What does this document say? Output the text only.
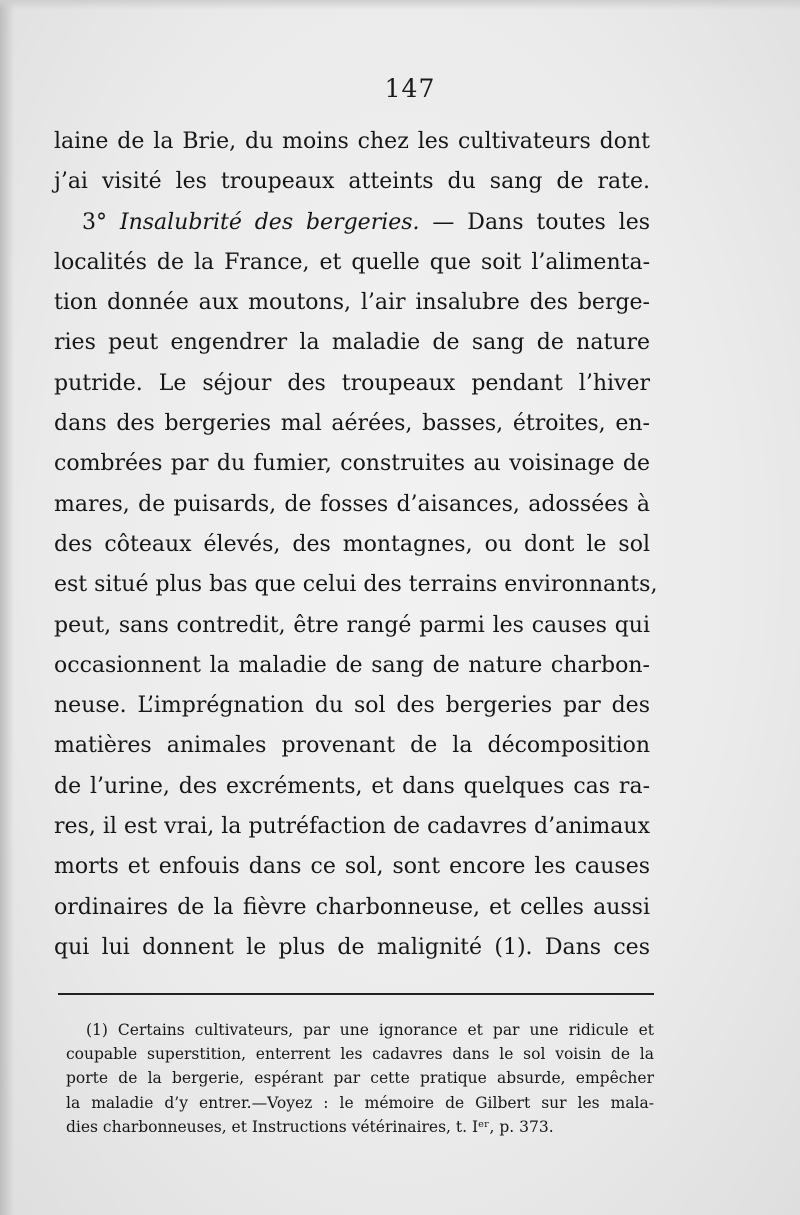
147
laine de la Brie, du moins chez les cultivateurs dont
j’ai visité les troupeaux atteints du sang de rate.
3° Insalubrité des bergeries. — Dans toutes les
localités de la France, et quelle que soit l’alimenta-
tion donnée aux moutons, l’air insalubre des berge-
ries peut engendrer la maladie de sang de nature
putride. Le séjour des troupeaux pendant l’hiver
dans des bergeries mal aérées, basses, étroites, en-
combrées par du fumier, construites au voisinage de
mares, de puisards, de fosses d’aisances, adossées à
des côteaux élevés, des montagnes, ou dont le sol
est situé plus bas que celui des terrains environnants,
peut, sans contredit, être rangé parmi les causes qui
occasionnent la maladie de sang de nature charbon-
neuse. L’imprégnation du sol des bergeries par des
matières animales provenant de la décomposition
de l’urine, des excréments, et dans quelques cas ra-
res, il est vrai, la putréfaction de cadavres d’animaux
morts et enfouis dans ce sol, sont encore les causes
ordinaires de la fièvre charbonneuse, et celles aussi
qui lui donnent le plus de malignité (1). Dans ces
(1) Certains cultivateurs, par une ignorance et par une ridicule et
coupable superstition, enterrent les cadavres dans le sol voisin de la
porte de la bergerie, espérant par cette pratique absurde, empêcher
la maladie d’y entrer.—Voyez : le mémoire de Gilbert sur les mala-
dies charbonneuses, et Instructions vétérinaires, t. Iᵉʳ, p. 373.
